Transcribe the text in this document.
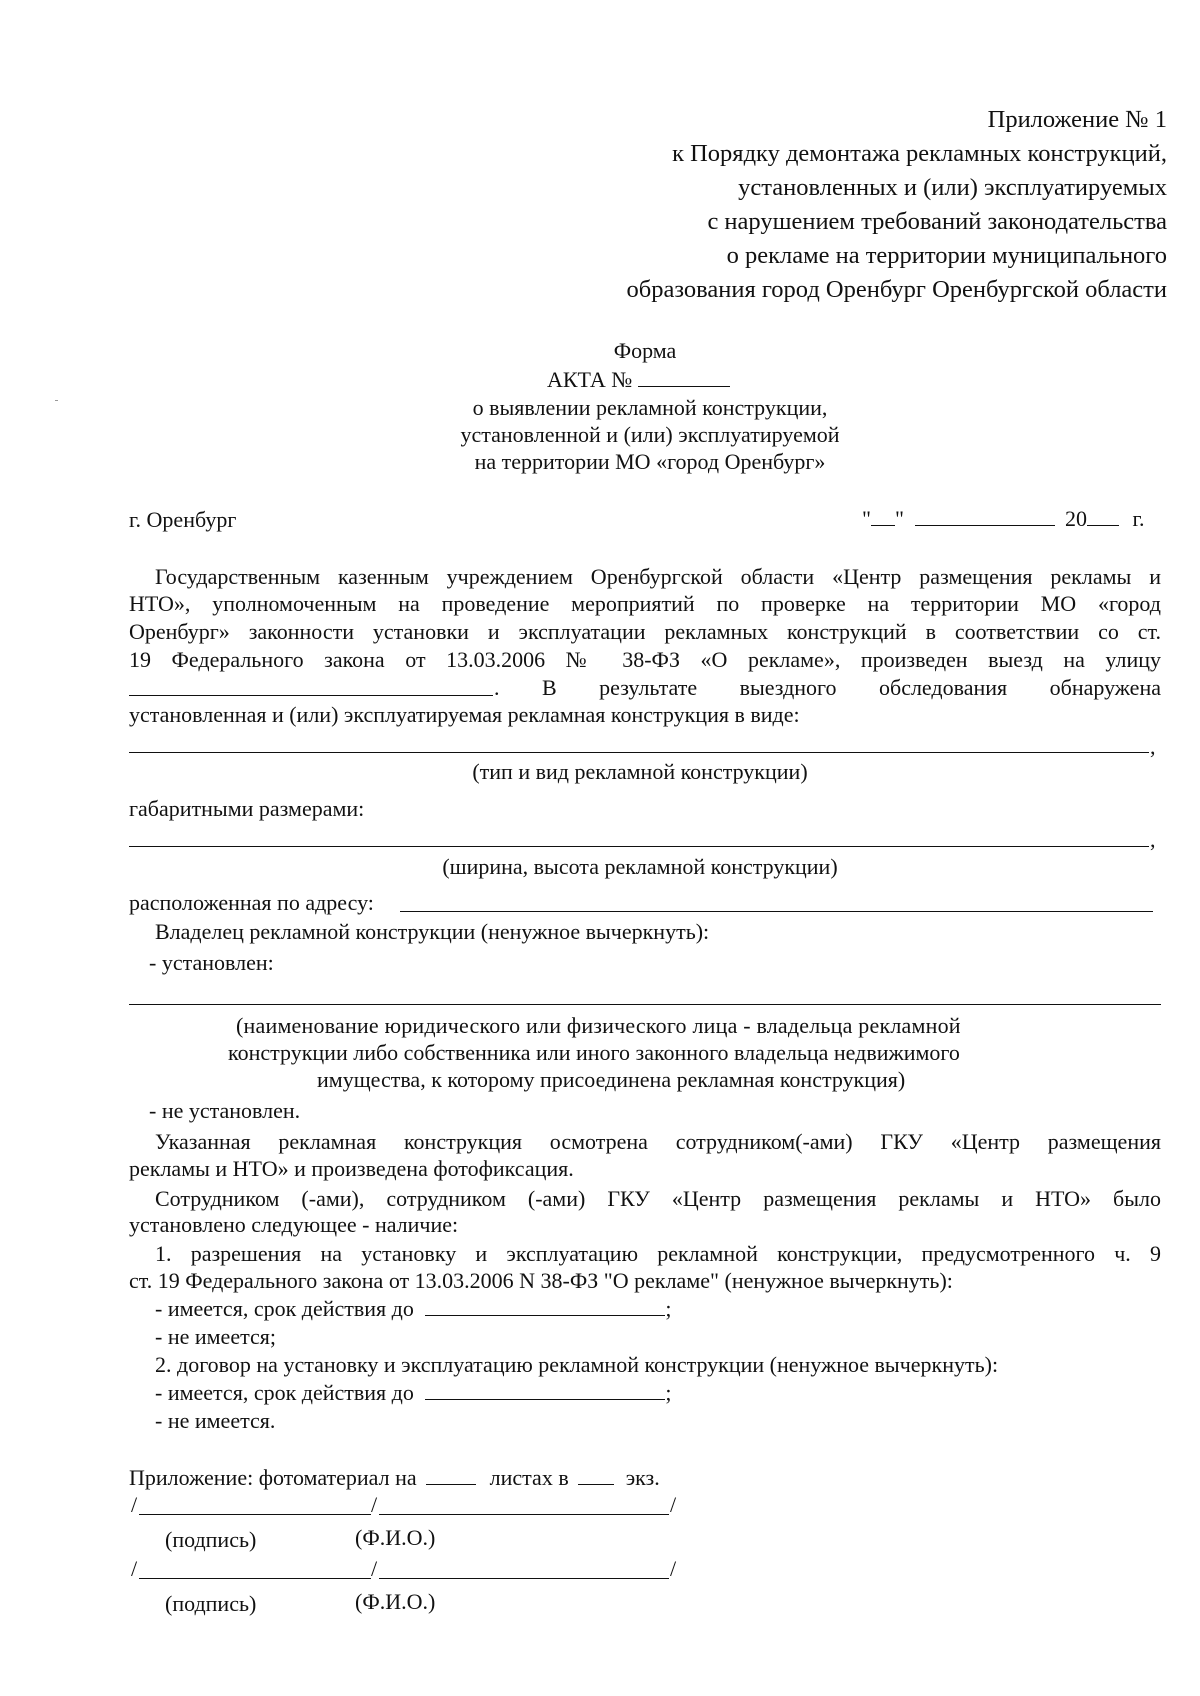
Приложение № 1
к Порядку демонтажа рекламных конструкций,
установленных и (или) эксплуатируемых
с нарушением требований законодательства
о рекламе на территории муниципального
образования город Оренбург Оренбургской области
Форма
АКТА №
о выявлении рекламной конструкции,
установленной и (или) эксплуатируемой
на территории МО «город Оренбург»
г. Оренбург	" "	20 г.
Государственным казенным учреждением Оренбургской области «Центр размещения рекламы и
НТО», уполномоченным на проведение мероприятий по проверке на территории МО «город
Оренбург» законности установки и эксплуатации рекламных конструкций в соответствии со ст.
19 Федерального закона от 13.03.2006 № 38-ФЗ «О рекламе», произведен выезд на улицу
. В результате выездного обследования обнаружена
установленная и (или) эксплуатируемая рекламная конструкция в виде:
,
(тип и вид рекламной конструкции)
габаритными размерами:
,
(ширина, высота рекламной конструкции)
расположенная по адресу:
Владелец рекламной конструкции (ненужное вычеркнуть):
- установлен:
(наименование юридического или физического лица - владельца рекламной
конструкции либо собственника или иного законного владельца недвижимого
имущества, к которому присоединена рекламная конструкция)
- не установлен.
Указанная рекламная конструкция осмотрена сотрудником(-ами) ГКУ «Центр размещения
рекламы и НТО» и произведена фотофиксация.
Сотрудником (-ами), сотрудником (-ами) ГКУ «Центр размещения рекламы и НТО» было
установлено следующее - наличие:
1. разрешения на установку и эксплуатацию рекламной конструкции, предусмотренного ч. 9
ст. 19 Федерального закона от 13.03.2006 N 38-ФЗ "О рекламе" (ненужное вычеркнуть):
- имеется, срок действия до	;
- не имеется;
2. договор на установку и эксплуатацию рекламной конструкции (ненужное вычеркнуть):
- имеется, срок действия до	;
- не имеется.
Приложение: фотоматериал на	листах в	экз.
/	/	/
(подпись)	(Ф.И.О.)
/	/	/
(подпись)	(Ф.И.О.)
